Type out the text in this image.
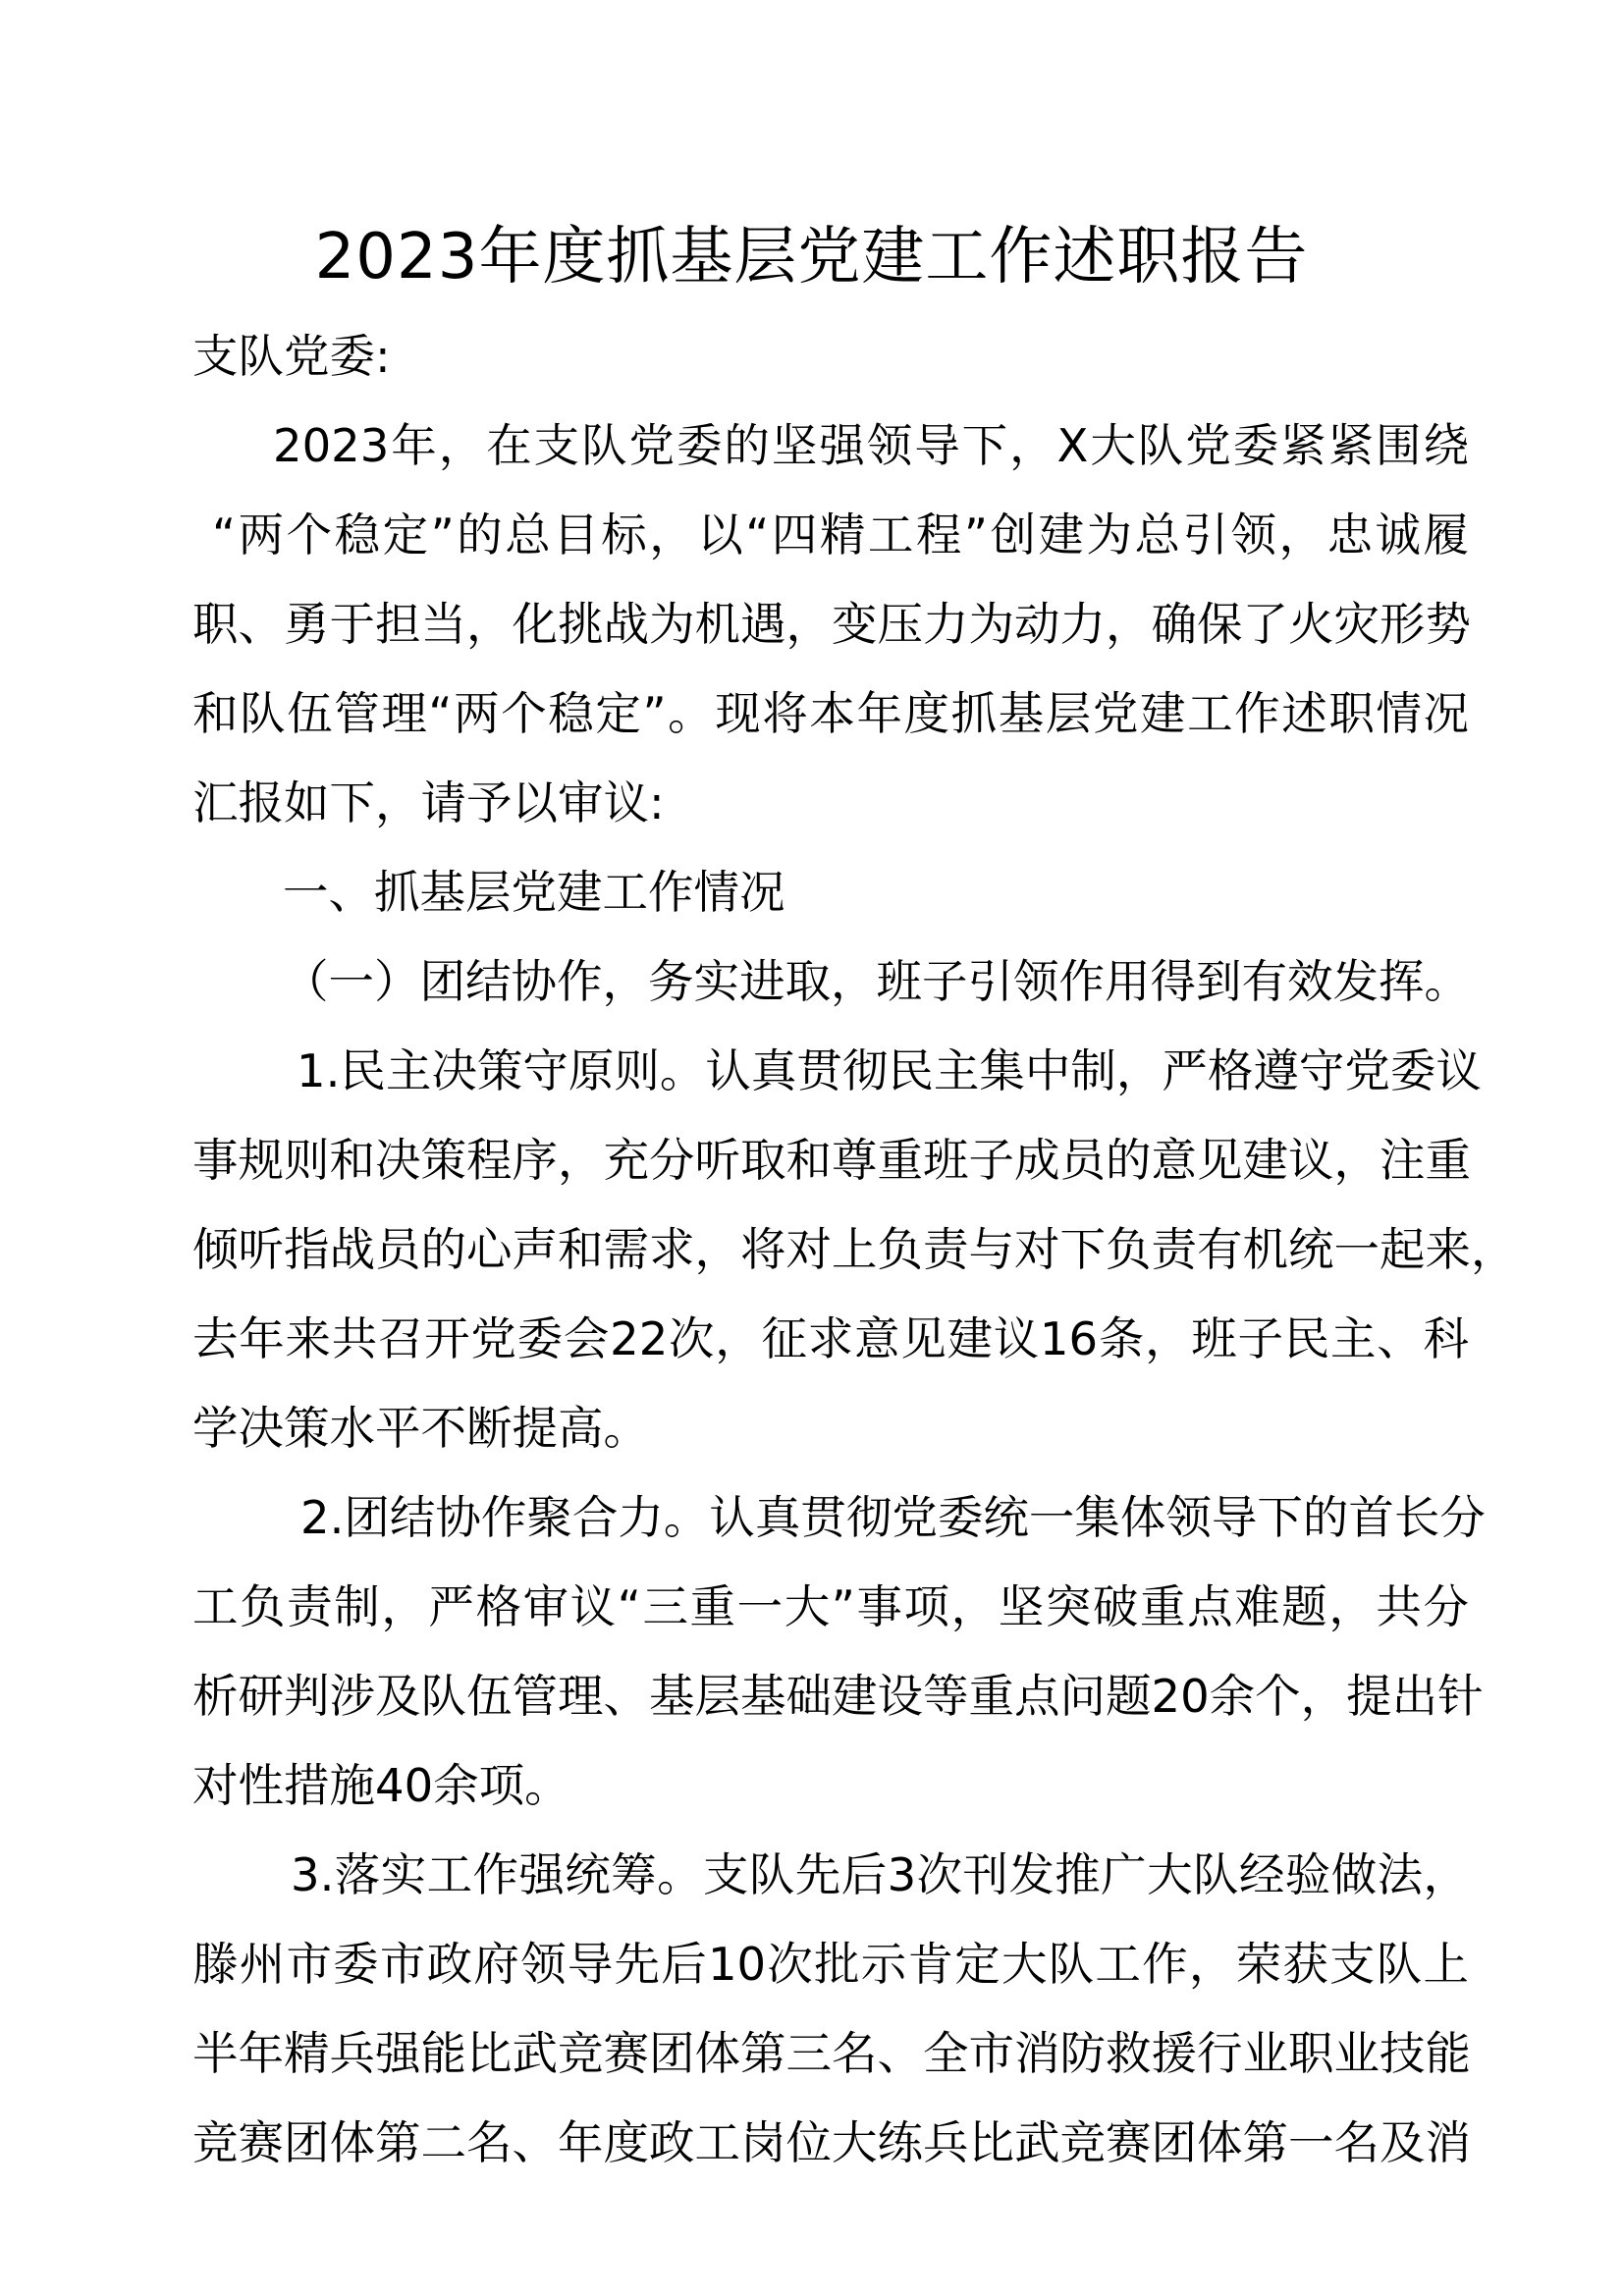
2023年度抓基层党建工作述职报告
支队党委:
2023年，在支队党委的坚强领导下，X大队党委紧紧围绕
“两个稳定”的总目标，以“四精工程”创建为总引领，忠诚履
职、勇于担当，化挑战为机遇，变压力为动力，确保了火灾形势
和队伍管理“两个稳定”。现将本年度抓基层党建工作述职情况
汇报如下，请予以审议:
一、抓基层党建工作情况
（一）团结协作，务实进取，班子引领作用得到有效发挥。
1.民主决策守原则。认真贯彻民主集中制，严格遵守党委议
事规则和决策程序，充分听取和尊重班子成员的意见建议，注重
倾听指战员的心声和需求，将对上负责与对下负责有机统一起来，
去年来共召开党委会22次，征求意见建议16条，班子民主、科
学决策水平不断提高。
2.团结协作聚合力。认真贯彻党委统一集体领导下的首长分
工负责制，严格审议“三重一大”事项，坚突破重点难题，共分
析研判涉及队伍管理、基层基础建设等重点问题20余个，提出针
对性措施40余项。
3.落实工作强统筹。支队先后3次刊发推广大队经验做法，
滕州市委市政府领导先后10次批示肯定大队工作，荣获支队上
半年精兵强能比武竞赛团体第三名、全市消防救援行业职业技能
竞赛团体第二名、年度政工岗位大练兵比武竞赛团体第一名及消
